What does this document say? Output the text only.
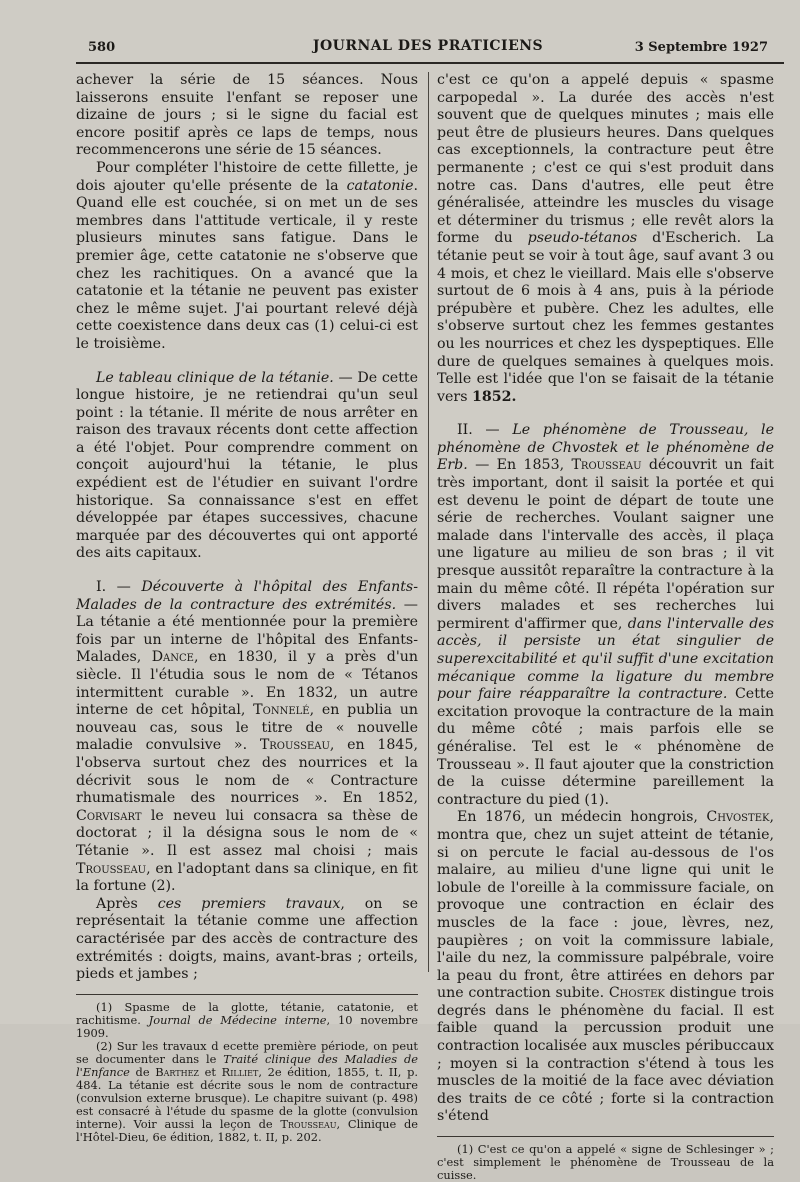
580	JOURNAL DES PRATICIENS	3 Septembre 1927

achever la série de 15 séances. Nous laisserons ensuite l'enfant se reposer une dizaine de jours ; si le signe du facial est encore positif après ce laps de temps, nous recommencerons une série de 15 séances.

Pour compléter l'histoire de cette fillette, je dois ajouter qu'elle présente de la catatonie. Quand elle est couchée, si on met un de ses membres dans l'attitude verticale, il y reste plusieurs minutes sans fatigue. Dans le premier âge, cette catatonie ne s'observe que chez les rachitiques. On a avancé que la catatonie et la tétanie ne peuvent pas exister chez le même sujet. J'ai pourtant relevé déjà cette coexistence dans deux cas (1) celui-ci est le troisième.

Le tableau clinique de la tétanie. — De cette longue histoire, je ne retiendrai qu'un seul point : la tétanie. Il mérite de nous arrêter en raison des travaux récents dont cette affection a été l'objet. Pour comprendre comment on conçoit aujourd'hui la tétanie, le plus expédient est de l'étudier en suivant l'ordre historique. Sa connaissance s'est en effet développée par étapes successives, chacune marquée par des découvertes qui ont apporté des aits capitaux.

I. — Découverte à l'hôpital des Enfants-Malades de la contracture des extrémités. — La tétanie a été mentionnée pour la première fois par un interne de l'hôpital des Enfants-Malades, Dance, en 1830, il y a près d'un siècle. Il l'étudia sous le nom de « Tétanos intermittent curable ». En 1832, un autre interne de cet hôpital, Tonnelé, en publia un nouveau cas, sous le titre de « nouvelle maladie convulsive ». Trousseau, en 1845, l'observa surtout chez des nourrices et la décrivit sous le nom de « Contracture rhumatismale des nourrices ». En 1852, Corvisart le neveu lui consacra sa thèse de doctorat ; il la désigna sous le nom de « Tétanie ». Il est assez mal choisi ; mais Trousseau, en l'adoptant dans sa clinique, en fit la fortune (2).

Après ces premiers travaux, on se représentait la tétanie comme une affection caractérisée par des accès de contracture des extrémités : doigts, mains, avant-bras ; orteils, pieds et jambes ;

(1) Spasme de la glotte, tétanie, catatonie, et rachitisme. Journal de Médecine interne, 10 novembre 1909.

(2) Sur les travaux d ecette première période, on peut se documenter dans le Traité clinique des Maladies de l'Enfance de Barthez et Rilliet, 2e édition, 1855, t. II, p. 484. La tétanie est décrite sous le nom de contracture (convulsion externe brusque). Le chapitre suivant (p. 498) est consacré à l'étude du spasme de la glotte (convulsion interne). Voir aussi la leçon de Trousseau, Clinique de l'Hôtel-Dieu, 6e édition, 1882, t. II, p. 202.

c'est ce qu'on a appelé depuis « spasme carpopedal ». La durée des accès n'est souvent que de quelques minutes ; mais elle peut être de plusieurs heures. Dans quelques cas exceptionnels, la contracture peut être permanente ; c'est ce qui s'est produit dans notre cas. Dans d'autres, elle peut être généralisée, atteindre les muscles du visage et déterminer du trismus ; elle revêt alors la forme du pseudo-tétanos d'Escherich. La tétanie peut se voir à tout âge, sauf avant 3 ou 4 mois, et chez le vieillard. Mais elle s'observe surtout de 6 mois à 4 ans, puis à la période prépubère et pubère. Chez les adultes, elle s'observe surtout chez les femmes gestantes ou les nourrices et chez les dyspeptiques. Elle dure de quelques semaines à quelques mois. Telle est l'idée que l'on se faisait de la tétanie vers 1852.

II. — Le phénomène de Trousseau, le phénomène de Chvostek et le phénomène de Erb. — En 1853, Trousseau découvrit un fait très important, dont il saisit la portée et qui est devenu le point de départ de toute une série de recherches. Voulant saigner une malade dans l'intervalle des accès, il plaça une ligature au milieu de son bras ; il vit presque aussitôt reparaître la contracture à la main du même côté. Il répéta l'opération sur divers malades et ses recherches lui permirent d'affirmer que, dans l'intervalle des accès, il persiste un état singulier de superexcitabilité et qu'il suffit d'une excitation mécanique comme la ligature du membre pour faire réapparaître la contracture. Cette excitation provoque la contracture de la main du même côté ; mais parfois elle se généralise. Tel est le « phénomène de Trousseau ». Il faut ajouter que la constriction de la cuisse détermine pareillement la contracture du pied (1).

En 1876, un médecin hongrois, Chvostek, montra que, chez un sujet atteint de tétanie, si on percute le facial au-dessous de l'os malaire, au milieu d'une ligne qui unit le lobule de l'oreille à la commissure faciale, on provoque une contraction en éclair des muscles de la face : joue, lèvres, nez, paupières ; on voit la commissure labiale, l'aile du nez, la commissure palpébrale, voire la peau du front, être attirées en dehors par une contraction subite. Chostek distingue trois degrés dans le phénomène du facial. Il est faible quand la percussion produit une contraction localisée aux muscles péribuccaux ; moyen si la contraction s'étend à tous les muscles de la moitié de la face avec déviation des traits de ce côté ; forte si la contraction s'étend

(1) C'est ce qu'on a appelé « signe de Schlesinger » ; c'est simplement le phénomène de Trousseau de la cuisse.
